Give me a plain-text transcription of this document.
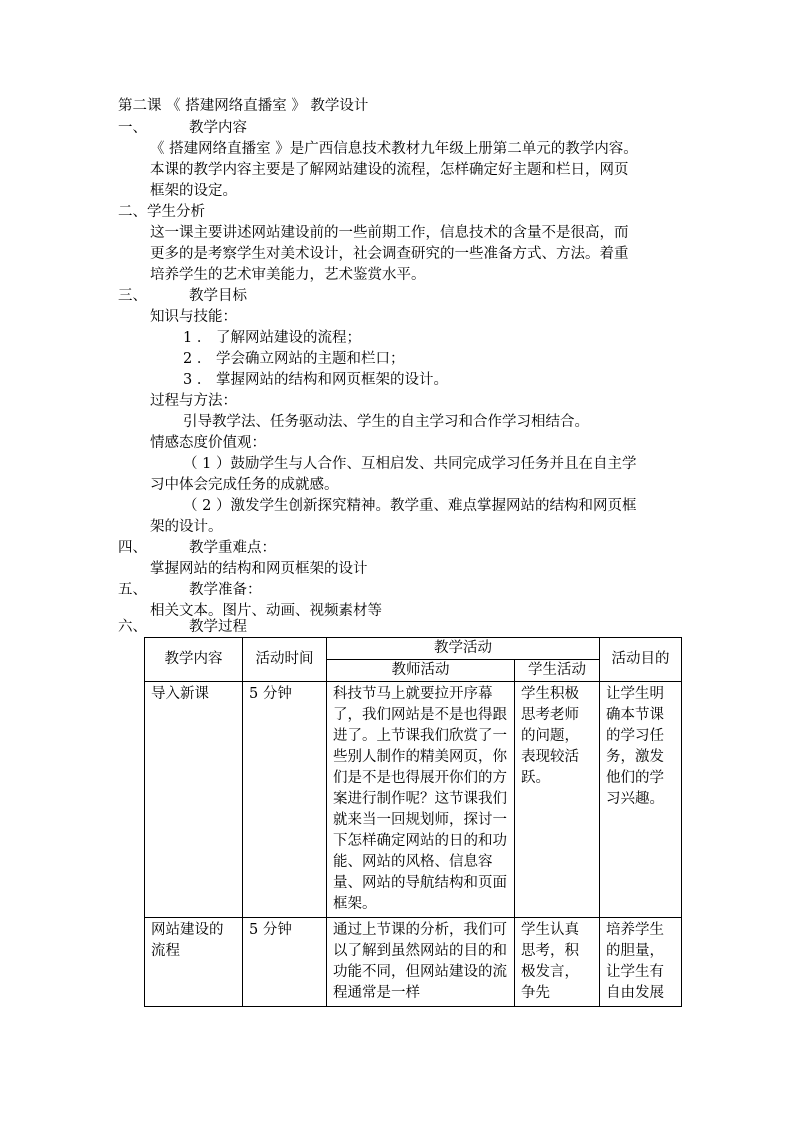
第二课 《 搭建网络直播室 》 教学设计
一、	教学内容
《 搭建网络直播室 》是广西信息技术教材九年级上册第二单元的教学内容。
本课的教学内容主要是了解网站建设的流程，怎样确定好主题和栏日，网页
框架的设定。
二、学生分析
这一课主要讲述网站建设前的一些前期工作，信息技术的含量不是很高，而
更多的是考察学生对美术设计，社会调查研究的一些准备方式、方法。着重
培养学生的艺术审美能力，艺术鉴赏水平。
三、	教学目标
知识与技能：
1 ． 了解网站建设的流程；
2 ． 学会确立网站的主题和栏口；
3 ． 掌握网站的结构和网页框架的设计。
过程与方法：
引导教学法、任务驱动法、学生的自主学习和合作学习相结合。
情感态度价值观：
（ 1 ）鼓励学生与人合作、互相启发、共同完成学习任务并且在自主学
习中体会完成任务的成就感。
（ 2 ）激发学生创新探究精神。教学重、难点掌握网站的结构和网页框
架的设计。
四、	教学重难点：
掌握网站的结构和网页框架的设计
五、	教学准备：
相关文本。图片、动画、视频素材等
六、	教学过程
教学内容	活动时间	教学活动		活动目的
		教师活动	学生活动	
导入新课	5 分钟	科技节马上就要拉开序幕了，我们网站是不是也得跟进了。上节课我们欣赏了一些别人制作的精美网页，你们是不是也得展开你们的方案进行制作呢？这节课我们就来当一回规划师，探讨一下怎样确定网站的日的和功能、网站的风格、信息容量、网站的导航结构和页面框架。	学生积极思考老师的问题，表现较活跃。	让学生明确本节课的学习任务，激发他们的学习兴趣。
网站建设的流程	5 分钟	通过上节课的分析，我们可以了解到虽然网站的目的和功能不同，但网站建设的流程通常是一样	学生认真思考，积极发言，争先	培养学生的胆量，让学生有自由发展
